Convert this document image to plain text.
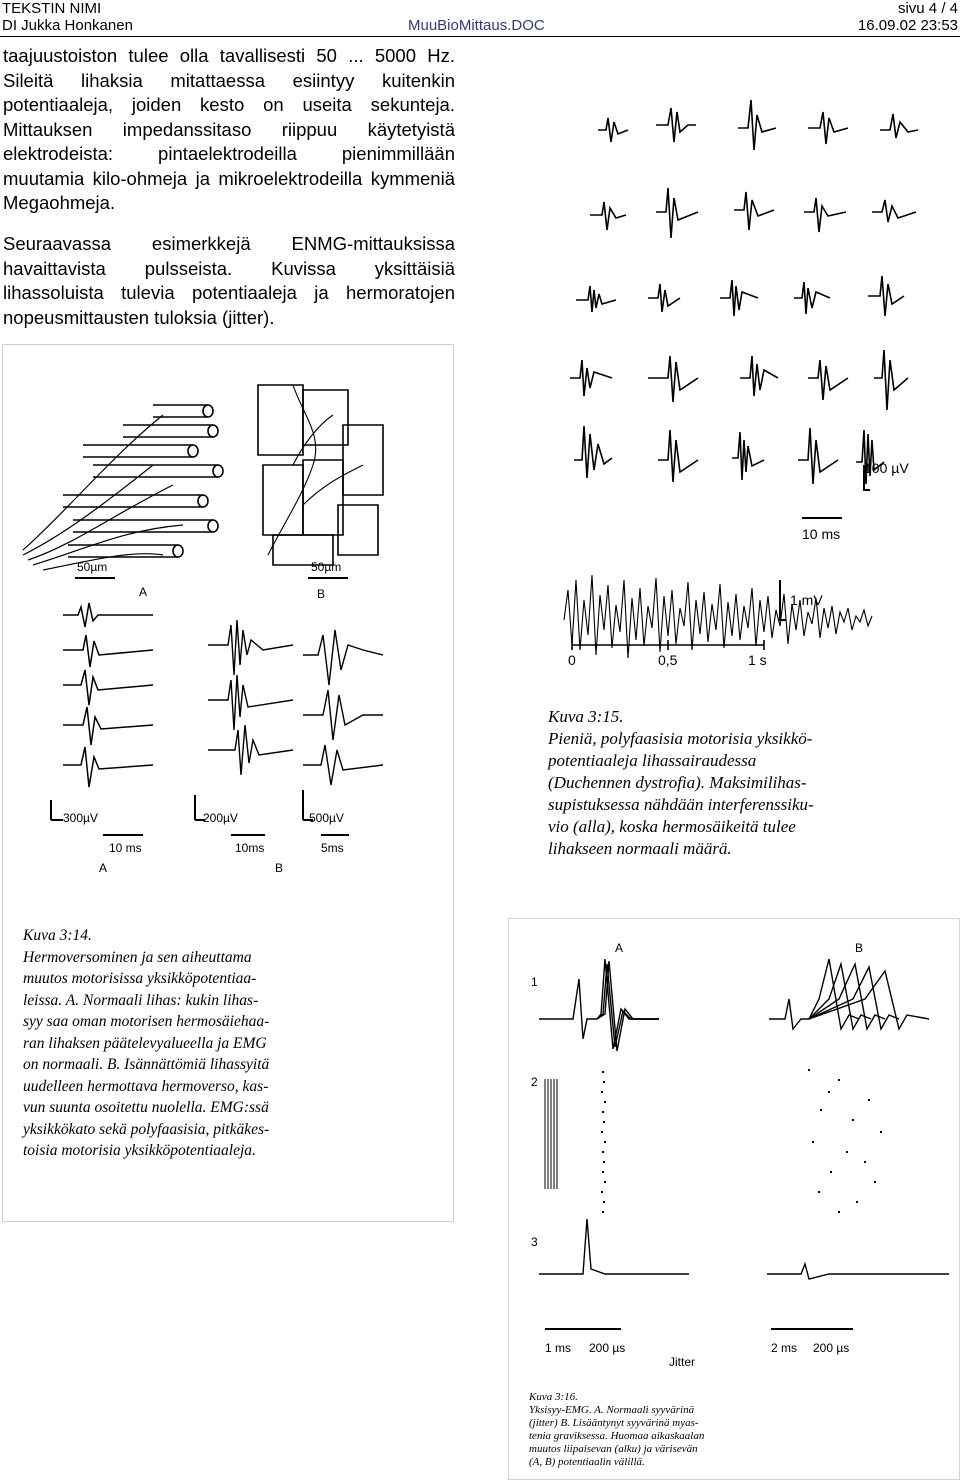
TEKSTIN NIMI	sivu 4 / 4
DI Jukka Honkanen	MuuBioMittaus.DOC	16.09.02 23:53
taajuustoiston tulee olla tavallisesti 50 ... 5000 Hz. Sileitä lihaksia mitattaessa esiintyy kuitenkin potentiaaleja, joiden kesto on useita sekunteja. Mittauksen impedanssitaso riippuu käytetyistä elektrodeista: pintaelektrodeilla pienimmillään muutamia kilo-ohmeja ja mikroelektrodeilla kymmeniä Megaohmeja.
Seuraavassa esimerkkejä ENMG-mittauksissa havaittavista pulsseista. Kuvissa yksittäisiä lihassoluista tulevia potentiaaleja ja hermoratojen nopeusmittausten tuloksia (jitter).
50µm	50µm
A	B
300µV
10 ms
200µV
10ms
500µV
5ms
A	B
Kuva 3:14.
Hermoversominen ja sen aiheuttama
muutos motorisissa yksikköpotentiaa-
leissa. A. Normaali lihas: kukin lihas-
syy saa oman motorisen hermosäiehaa-
ran lihaksen päätelevyalueella ja EMG
on normaali. B. Isännättömiä lihassyitä
uudelleen hermottava hermoverso, kas-
vun suunta osoitettu nuolella. EMG:ssä
yksikkökato sekä polyfaasisia, pitkäkes-
toisia motorisia yksikköpotentiaaleja.
100 µV
10 ms
1 mV
0	0,5	1 s
Kuva 3:15.
Pieniä, polyfaasisia motorisia yksikkö-
potentiaaleja lihassairaudessa
(Duchennen dystrofia). Maksimilihas-
supistuksessa nähdään interferenssiku-
vio (alla), koska hermosäikeitä tulee
lihakseen normaali määrä.
A	B
1
2
3
1 ms 200 µs	2 ms 200 µs
Jitter
Kuva 3:16.
Yksisyy-EMG. A. Normaali syyvärinä
(jitter) B. Lisääntynyt syyvärinä myas-
tenia graviksessa. Huomaa aikaskaalan
muutos liipaisevan (alku) ja värisevän
(A, B) potentiaalin välillä.
